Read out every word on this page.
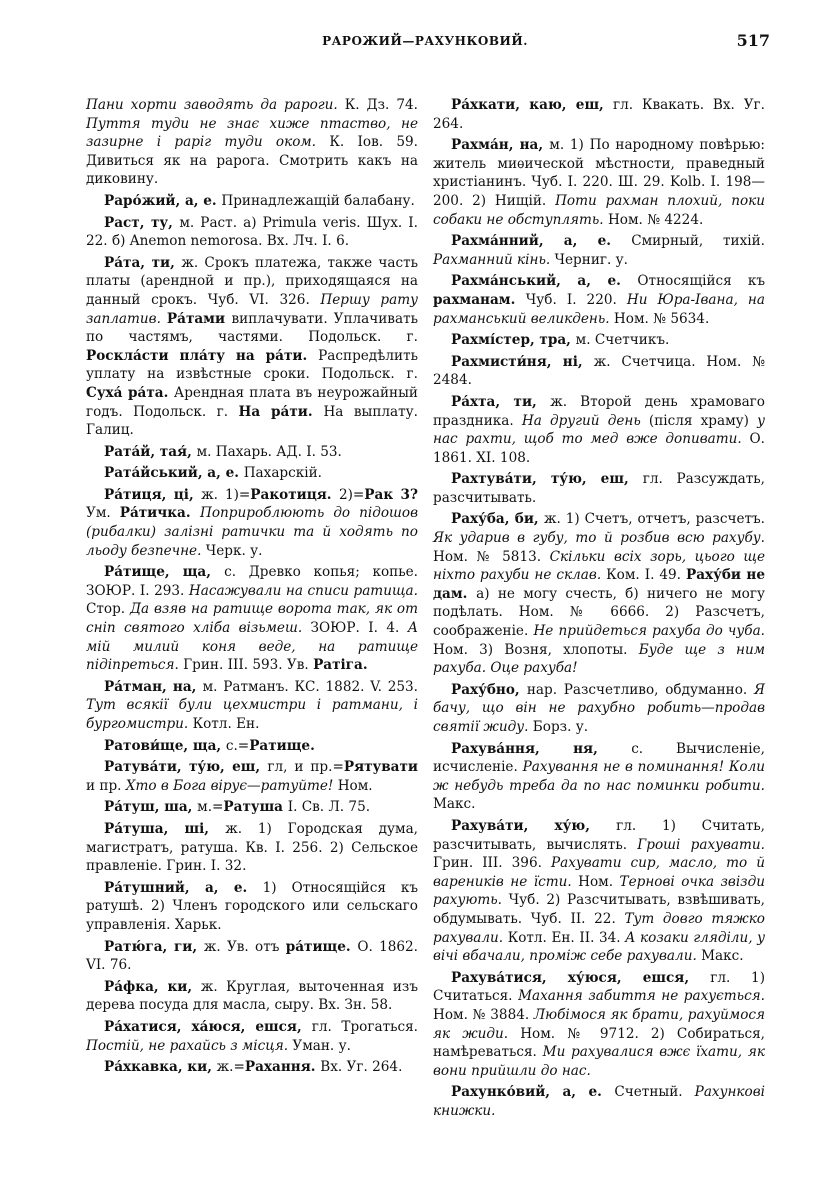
РАРОЖИЙ—РАХУНКОВИЙ.	517

Пани хорти заводять да рароги. К. Дз. 74. Пуття туди не знає хиже птаство, не зазирне і раріг туди оком. К. Іов. 59. Дивиться як на рарога. Смотрить какъ на диковину.

Раро́жий, а, е. Принадлежащій балабану.

Раст, ту, м. Раст. а) Primula veris. Шух. I. 22. б) Anemon nemorosa. Вх. Лч. I. 6.

Ра́та, ти, ж. Срокъ платежа, также часть платы (арендной и пр.), приходящаяся на данный срокъ. Чуб. VI. 326. Першу рату заплатив. Ра́тами виплачувати. Уплачивать по частямъ, частями. Подольск. г. Роскла́сти пла́ту на ра́ти. Распредѣлить уплату на извѣстные сроки. Подольск. г. Суха́ ра́та. Арендная плата въ неурожайный годъ. Подольск. г. На ра́ти. На выплату. Галиц.

Рата́й, тая́, м. Пахарь. АД. I. 53.

Рата́йський, а, е. Пахарскій.

Ра́тиця, ці, ж. 1)=Ракотиця. 2)=Рак 3? Ум. Ра́тичка. Поприроблюють до підошов (рибалки) залізні ратички та й ходять по льоду безпечне. Черк. у.

Ра́тище, ща, с. Древко копья; копье. ЗОЮР. I. 293. Насажували на списи ратища. Стор. Да взяв на ратище ворота так, як от снiп святого хліба візьмеш. ЗОЮР. I. 4. А мій милий коня веде, на ратище підіпреться. Грин. III. 593. Ув. Ратіга.

Ра́тман, на, м. Ратманъ. КС. 1882. V. 253. Тут всякії були цехмистри і ратмани, і бургомистри. Котл. Ен.

Ратови́ще, ща, с.=Ратище.

Ратува́ти, ту́ю, еш, гл, и пр.=Рятувати и пр. Хто в Бога вірує—ратуйте! Ном.

Ра́туш, ша, м.=Ратуша I. Св. Л. 75.

Ра́туша, ші, ж. 1) Городская дума, магистратъ, ратуша. Кв. I. 256. 2) Сельское правленіе. Грин. I. 32.

Ра́тушний, а, е. 1) Относящійся къ ратушѣ. 2) Членъ городского или сельскаго управленія. Харьк.

Ратю́га, ги, ж. Ув. отъ ра́тище. О. 1862. VI. 76.

Ра́фка, ки, ж. Круглая, выточенная изъ дерева посуда для масла, сыру. Вх. Зн. 58.

Ра́хатися, ха́юся, ешся, гл. Трогаться. Постій, не рахайсь з місця. Уман. у.

Ра́хкавка, ки, ж.=Рахання. Вх. Уг. 264.

Ра́хкати, каю, еш, гл. Квакать. Вх. Уг. 264.

Рахма́н, на, м. 1) По народному повѣрью: житель миѳической мѣстности, праведный христіанинъ. Чуб. I. 220. Ш. 29. Kolb. I. 198—200. 2) Нищій. Поти рахман плохий, поки собаки не обступлять. Ном. № 4224.

Рахма́нний, а, е. Смирный, тихій. Рахманний кінь. Черниг. у.

Рахма́нський, а, е. Относящійся къ рахманам. Чуб. I. 220. Ни Юра-Івана, на рахманський великдень. Ном. № 5634.

Рахмі́стер, тра, м. Счетчикъ.

Рахмисти́ня, ні, ж. Счетчица. Ном. № 2484.

Ра́хта, ти, ж. Второй день храмоваго праздника. На другий день (після храму) у нас рахти, щоб то мед вже допивати. О. 1861. XI. 108.

Рахтува́ти, ту́ю, еш, гл. Разсуждать, разсчитывать.

Раху́ба, би, ж. 1) Счетъ, отчетъ, разсчетъ. Як ударив в губу, то й розбив всю рахубу. Ном. № 5813. Скільки всіх зорь, цього ще ніхто рахуби не склав. Ком. I. 49. Раху́би не дам. а) не могу счесть, б) ничего не могу подѣлать. Ном. № 6666. 2) Разсчетъ, соображеніе. Не прийдеться рахуба до чуба. Ном. 3) Возня, хлопоты. Буде ще з ним рахуба. Оце рахуба!

Раху́бно, нар. Разсчетливо, обдуманно. Я бачу, що він не рахубно робить—продав святії жиду. Борз. у.

Рахува́ння, ня, с. Вычисленіе, исчисленіе. Рахування не в поминання! Коли ж небудь треба да по нас поминки робити. Макс.

Рахува́ти, ху́ю, гл. 1) Считать, разсчитывать, вычислять. Гроші рахувати. Грин. III. 396. Рахувати сир, масло, то й вареників не їсти. Ном. Тернові очка звізди рахують. Чуб. 2) Разсчитывать, взвѣшивать, обдумывать. Чуб. II. 22. Тут довго тяжко рахували. Котл. Ен. II. 34. А козаки глядiли, у вічі вбачали, проміж себе рахували. Макс.

Рахува́тися, ху́юся, ешся, гл. 1) Считаться. Махання забиття не рахується. Ном. № 3884. Любімося як брати, рахуймося як жиди. Ном. № 9712. 2) Собираться, намѣреваться. Ми рахувалися вжє їхати, як вони прийшли до нас.

Рахунко́вий, а, е. Счетный. Рахункові книжки.
